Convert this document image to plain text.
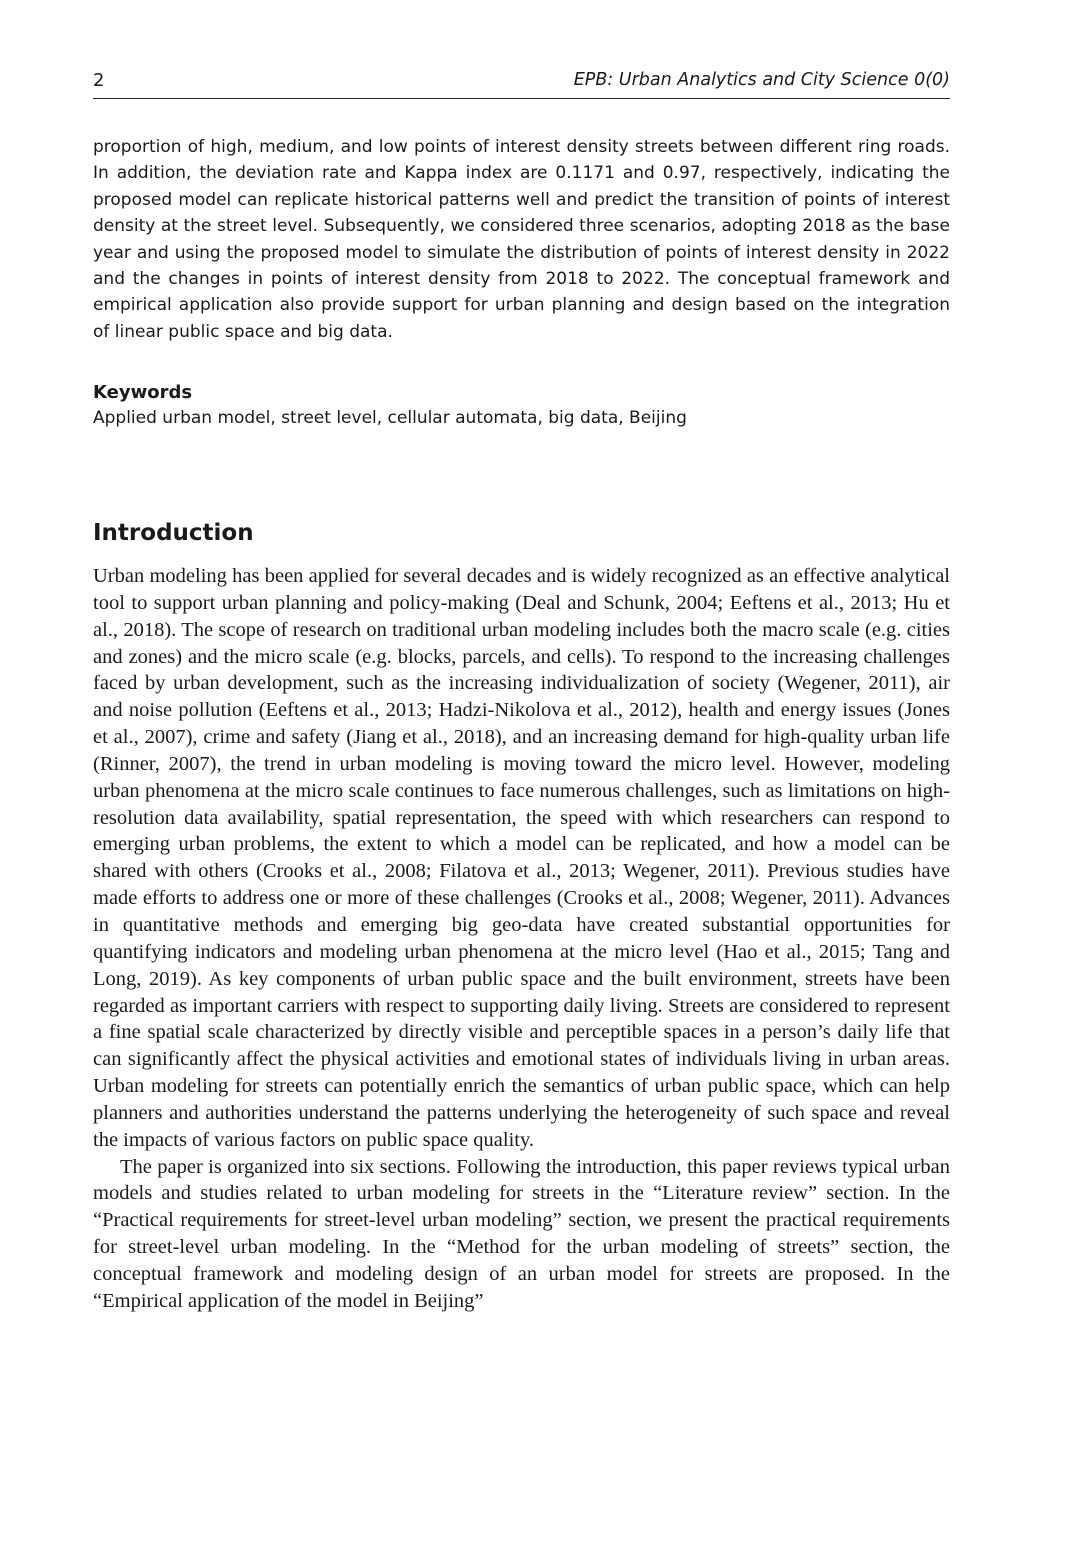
2	EPB: Urban Analytics and City Science 0(0)

proportion of high, medium, and low points of interest density streets between different ring roads. In addition, the deviation rate and Kappa index are 0.1171 and 0.97, respectively, indicating the proposed model can replicate historical patterns well and predict the transition of points of interest density at the street level. Subsequently, we considered three scenarios, adopting 2018 as the base year and using the proposed model to simulate the distribution of points of interest density in 2022 and the changes in points of interest density from 2018 to 2022. The conceptual framework and empirical application also provide support for urban planning and design based on the integration of linear public space and big data.

Keywords

Applied urban model, street level, cellular automata, big data, Beijing

Introduction

Urban modeling has been applied for several decades and is widely recognized as an effective analytical tool to support urban planning and policy-making (Deal and Schunk, 2004; Eeftens et al., 2013; Hu et al., 2018). The scope of research on traditional urban modeling includes both the macro scale (e.g. cities and zones) and the micro scale (e.g. blocks, parcels, and cells). To respond to the increasing challenges faced by urban development, such as the increasing individualization of society (Wegener, 2011), air and noise pollution (Eeftens et al., 2013; Hadzi-Nikolova et al., 2012), health and energy issues (Jones et al., 2007), crime and safety (Jiang et al., 2018), and an increasing demand for high-quality urban life (Rinner, 2007), the trend in urban modeling is moving toward the micro level. However, modeling urban phenomena at the micro scale continues to face numerous challenges, such as limitations on high-resolution data availability, spatial representation, the speed with which researchers can respond to emerging urban problems, the extent to which a model can be replicated, and how a model can be shared with others (Crooks et al., 2008; Filatova et al., 2013; Wegener, 2011). Previous studies have made efforts to address one or more of these challenges (Crooks et al., 2008; Wegener, 2011). Advances in quantitative methods and emerging big geo-data have created substantial opportunities for quantifying indicators and modeling urban phenomena at the micro level (Hao et al., 2015; Tang and Long, 2019). As key components of urban public space and the built environment, streets have been regarded as important carriers with respect to supporting daily living. Streets are considered to represent a fine spatial scale characterized by directly visible and perceptible spaces in a person’s daily life that can significantly affect the physical activities and emotional states of individuals living in urban areas. Urban modeling for streets can potentially enrich the semantics of urban public space, which can help planners and authorities understand the patterns underlying the heterogeneity of such space and reveal the impacts of various factors on public space quality.

The paper is organized into six sections. Following the introduction, this paper reviews typical urban models and studies related to urban modeling for streets in the “Literature review” section. In the “Practical requirements for street-level urban modeling” section, we present the practical requirements for street-level urban modeling. In the “Method for the urban modeling of streets” section, the conceptual framework and modeling design of an urban model for streets are proposed. In the “Empirical application of the model in Beijing”
